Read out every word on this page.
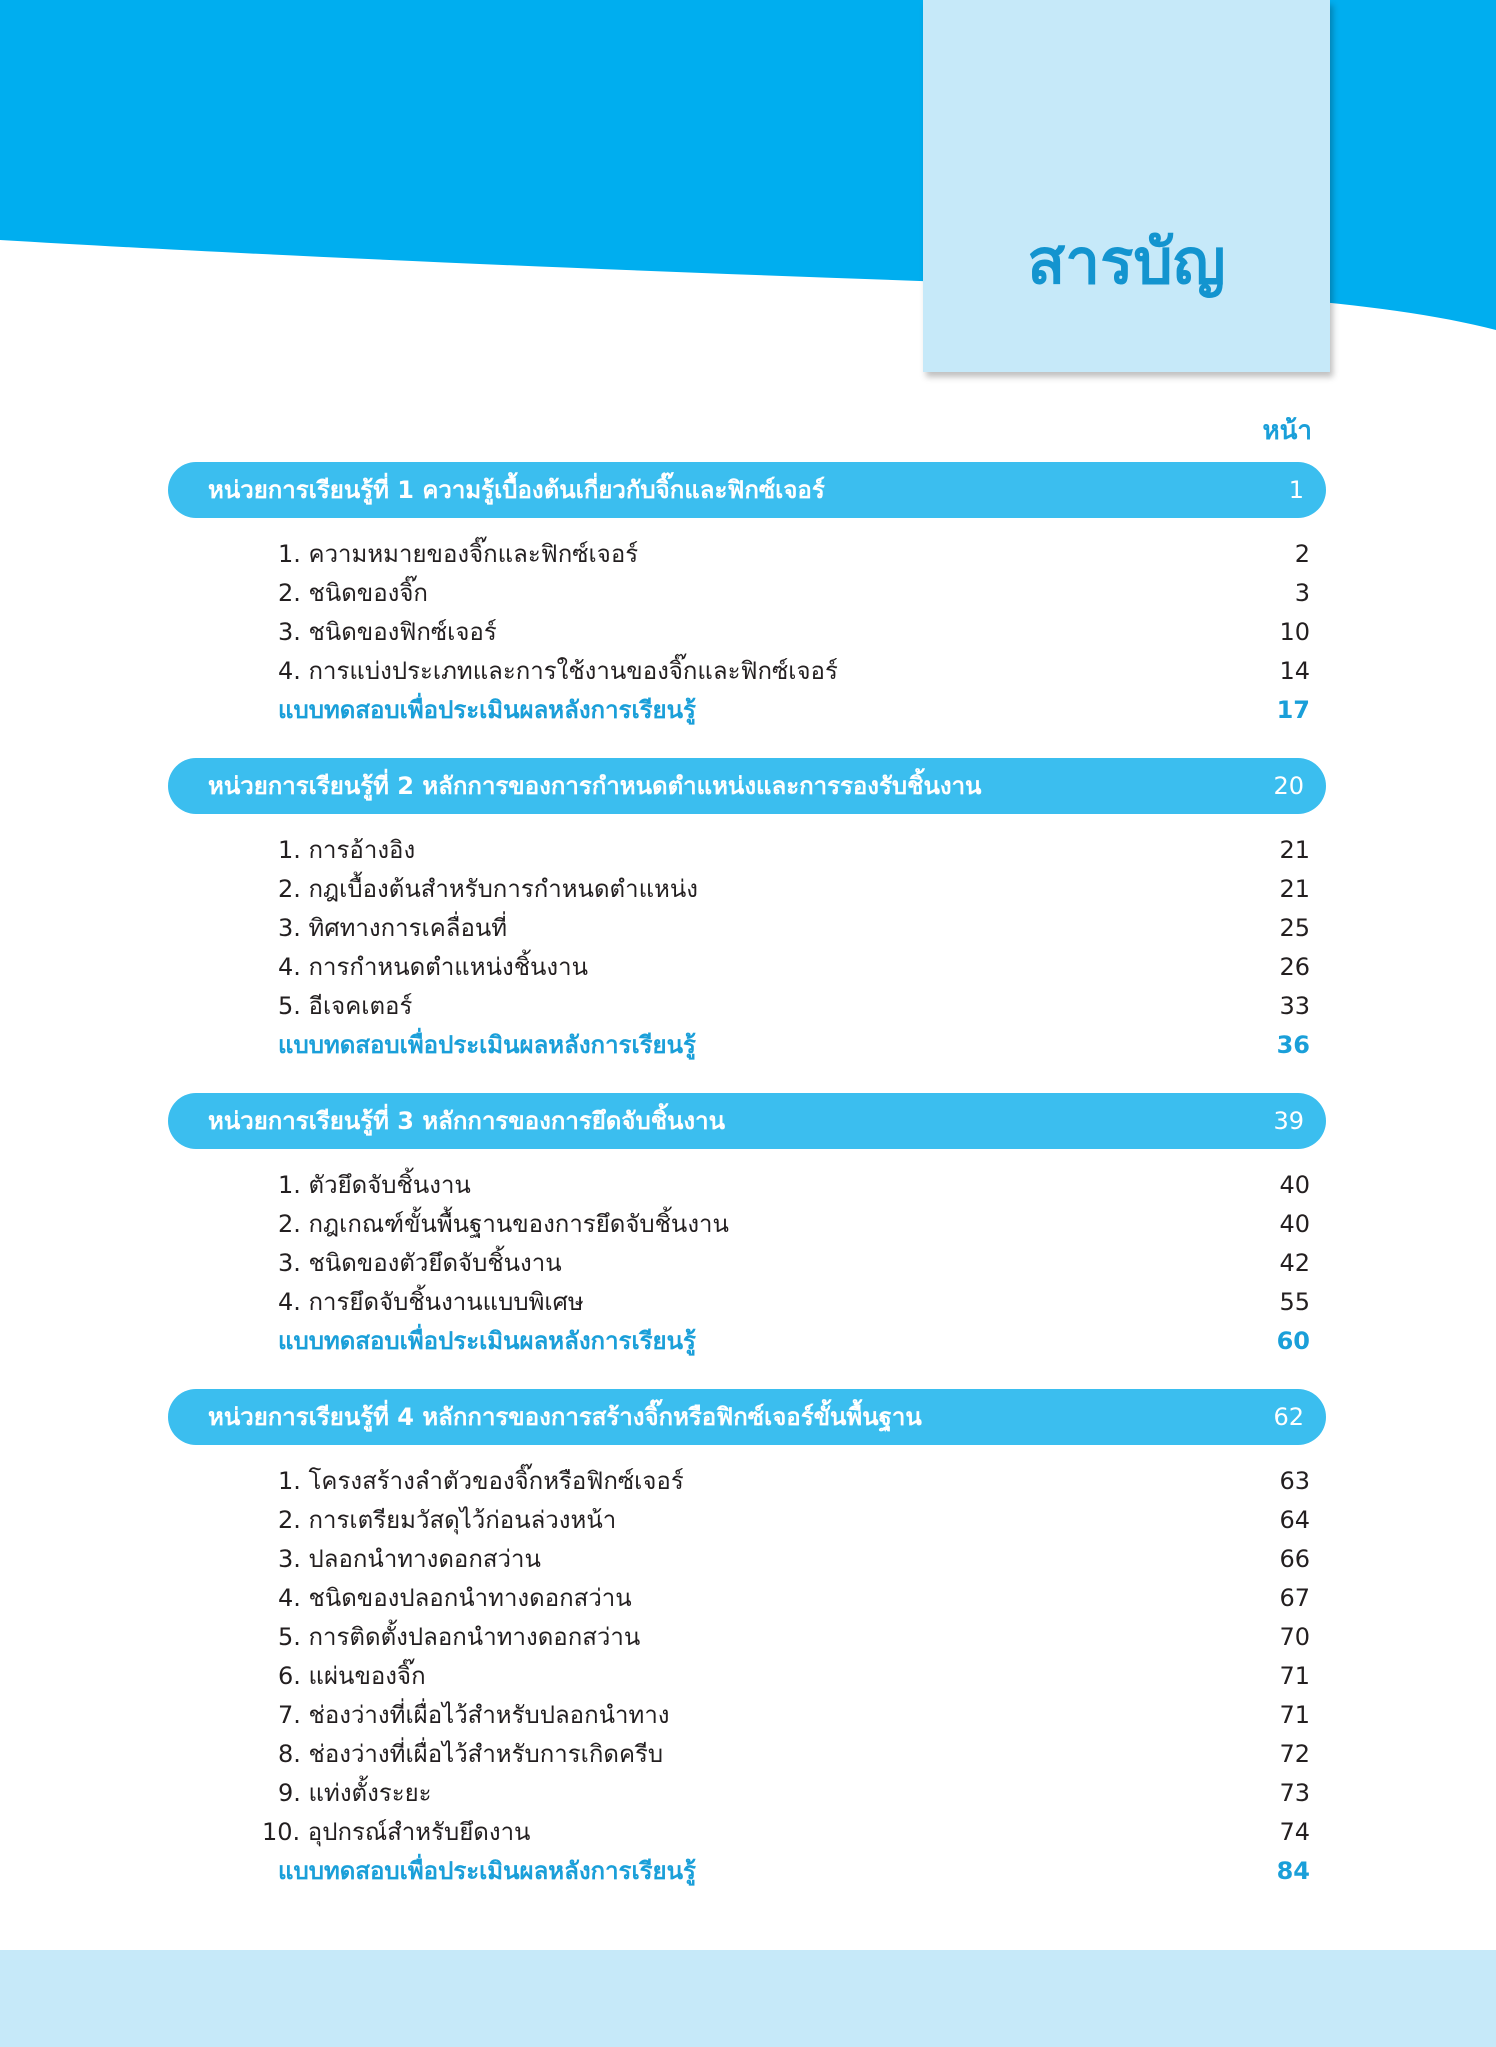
สารบัญ
หน้า
หน่วยการเรียนรู้ที่ 1 ความรู้เบื้องต้นเกี่ยวกับจิ๊กและฟิกซ์เจอร์	1
1. ความหมายของจิ๊กและฟิกซ์เจอร์	2
2. ชนิดของจิ๊ก	3
3. ชนิดของฟิกซ์เจอร์	10
4. การแบ่งประเภทและการใช้งานของจิ๊กและฟิกซ์เจอร์	14
แบบทดสอบเพื่อประเมินผลหลังการเรียนรู้	17
หน่วยการเรียนรู้ที่ 2 หลักการของการกำหนดตำแหน่งและการรองรับชิ้นงาน	20
1. การอ้างอิง	21
2. กฎเบื้องต้นสำหรับการกำหนดตำแหน่ง	21
3. ทิศทางการเคลื่อนที่	25
4. การกำหนดตำแหน่งชิ้นงาน	26
5. อีเจคเตอร์	33
แบบทดสอบเพื่อประเมินผลหลังการเรียนรู้	36
หน่วยการเรียนรู้ที่ 3 หลักการของการยึดจับชิ้นงาน	39
1. ตัวยึดจับชิ้นงาน	40
2. กฎเกณฑ์ขั้นพื้นฐานของการยึดจับชิ้นงาน	40
3. ชนิดของตัวยึดจับชิ้นงาน	42
4. การยึดจับชิ้นงานแบบพิเศษ	55
แบบทดสอบเพื่อประเมินผลหลังการเรียนรู้	60
หน่วยการเรียนรู้ที่ 4 หลักการของการสร้างจิ๊กหรือฟิกซ์เจอร์ขั้นพื้นฐาน	62
1. โครงสร้างลำตัวของจิ๊กหรือฟิกซ์เจอร์	63
2. การเตรียมวัสดุไว้ก่อนล่วงหน้า	64
3. ปลอกนำทางดอกสว่าน	66
4. ชนิดของปลอกนำทางดอกสว่าน	67
5. การติดตั้งปลอกนำทางดอกสว่าน	70
6. แผ่นของจิ๊ก	71
7. ช่องว่างที่เผื่อไว้สำหรับปลอกนำทาง	71
8. ช่องว่างที่เผื่อไว้สำหรับการเกิดครีบ	72
9. แท่งตั้งระยะ	73
10. อุปกรณ์สำหรับยึดงาน	74
แบบทดสอบเพื่อประเมินผลหลังการเรียนรู้	84
